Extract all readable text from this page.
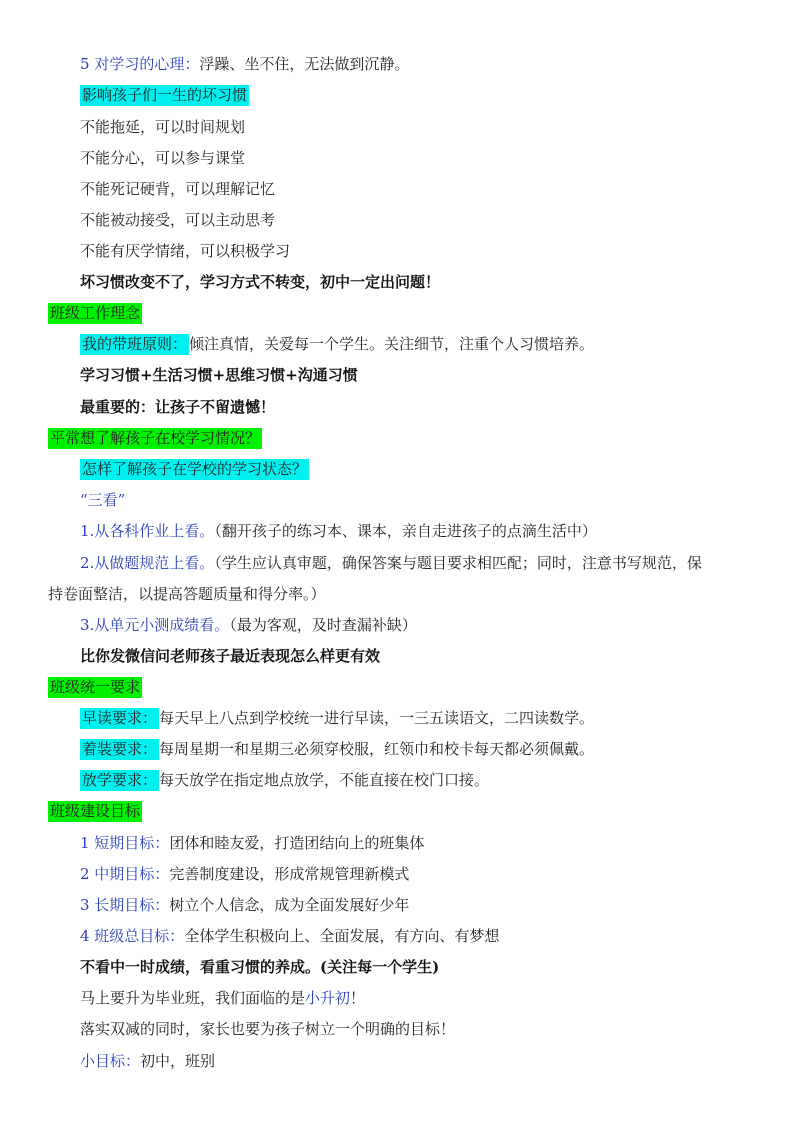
5 对学习的心理：浮躁、坐不住，无法做到沉静。
影响孩子们一生的坏习惯
不能拖延，可以时间规划
不能分心，可以参与课堂
不能死记硬背，可以理解记忆
不能被动接受，可以主动思考
不能有厌学情绪，可以积极学习
坏习惯改变不了，学习方式不转变，初中一定出问题！
班级工作理念
我的带班原则： 倾注真情，关爱每一个学生。关注细节，注重个人习惯培养。
学习习惯+生活习惯+思维习惯+沟通习惯
最重要的：让孩子不留遗憾！
平常想了解孩子在校学习情况？
怎样了解孩子在学校的学习状态？
“三看”
1.从各科作业上看。（翻开孩子的练习本、课本，亲自走进孩子的点滴生活中）
2.从做题规范上看。（学生应认真审题，确保答案与题目要求相匹配；同时，注意书写规范，保
持卷面整洁，以提高答题质量和得分率。）
3.从单元小测成绩看。（最为客观，及时查漏补缺）
比你发微信问老师孩子最近表现怎么样更有效
班级统一要求
早读要求： 每天早上八点到学校统一进行早读，一三五读语文，二四读数学。
着装要求： 每周星期一和星期三必须穿校服，红领巾和校卡每天都必须佩戴。
放学要求： 每天放学在指定地点放学，不能直接在校门口接。
班级建设目标
1 短期目标：团体和睦友爱，打造团结向上的班集体
2 中期目标：完善制度建设，形成常规管理新模式
3 长期目标：树立个人信念，成为全面发展好少年
4 班级总目标：全体学生积极向上、全面发展，有方向、有梦想
不看中一时成绩，看重习惯的养成。(关注每一个学生)
马上要升为毕业班，我们面临的是小升初！
落实双减的同时，家长也要为孩子树立一个明确的目标！
小目标：初中，班别
